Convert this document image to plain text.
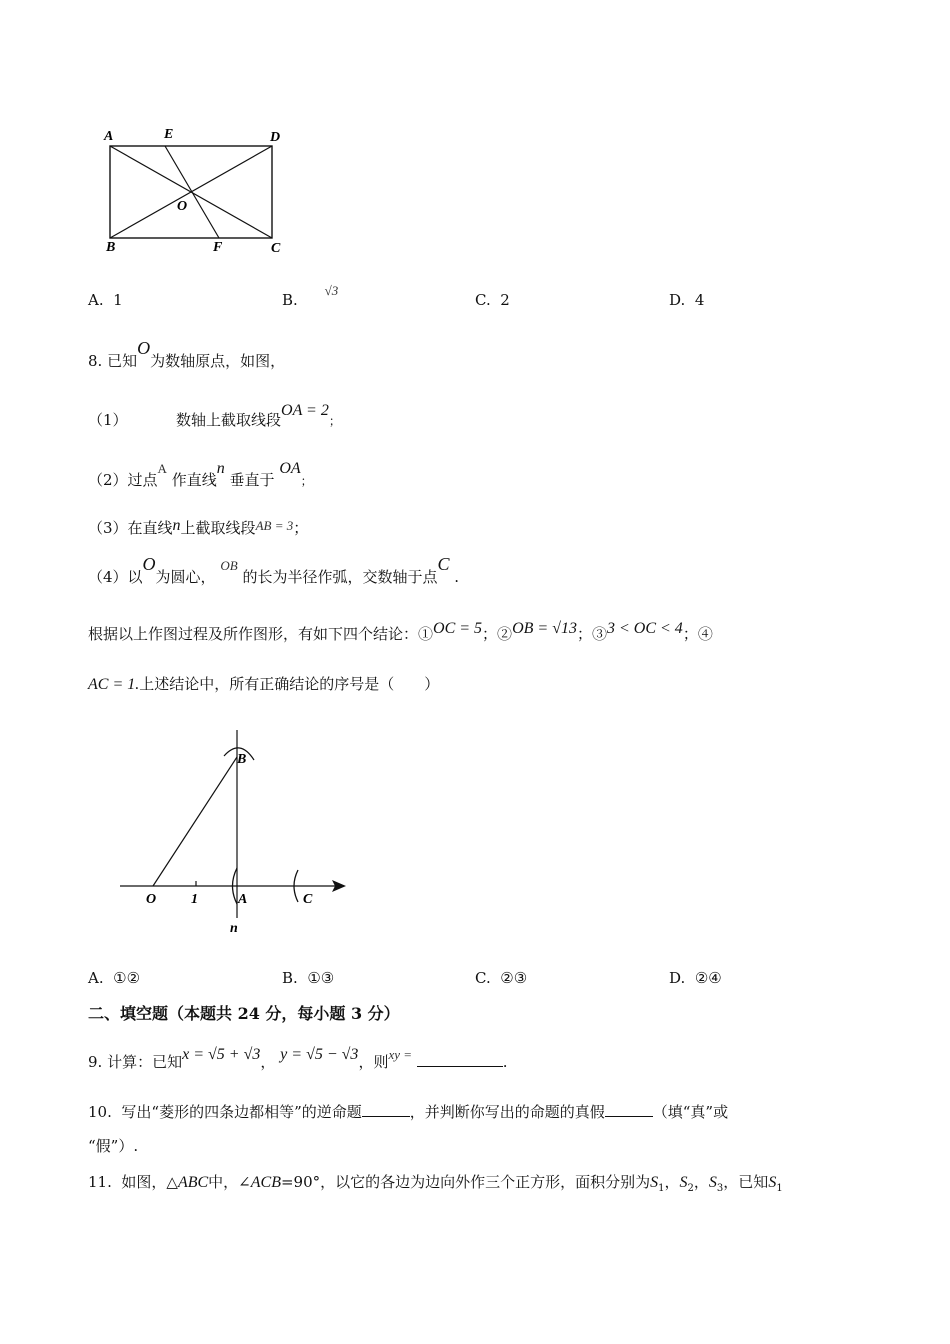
A	E	D
O
B	F	C
A. 1	B. √3
C. 2	D. 4
8. 已知O为数轴原点，如图，
（1）	数轴上截取线段OA = 2；
（2）过点A 作直线n 垂直于 OA；
（3）在直线n上截取线段AB = 3；
（4）以O为圆心， OB 的长为半径作弧，交数轴于点C .
根据以上作图过程及所作图形，有如下四个结论：①OC = 5；②OB = √13；③3 < OC < 4；④
AC = 1.上述结论中，所有正确结论的序号是（　　）
B
O 1	A	C
n
A. ①②	B. ①③	C. ②③	D. ②④
二、填空题（本题共 24 分，每小题 3 分）
9. 计算：已知x = √5 + √3， y = √5 − √3，则xy =	.
10. 写出“菱形的四条边都相等”的逆命题	，并判断你写出的命题的真假	（填“真”或
“假”）.
11. 如图，△ABC中，∠ACB=90°，以它的各边为边向外作三个正方形，面积分别为$S_1$，$S_2$，$S_3$，已知$S_1$
